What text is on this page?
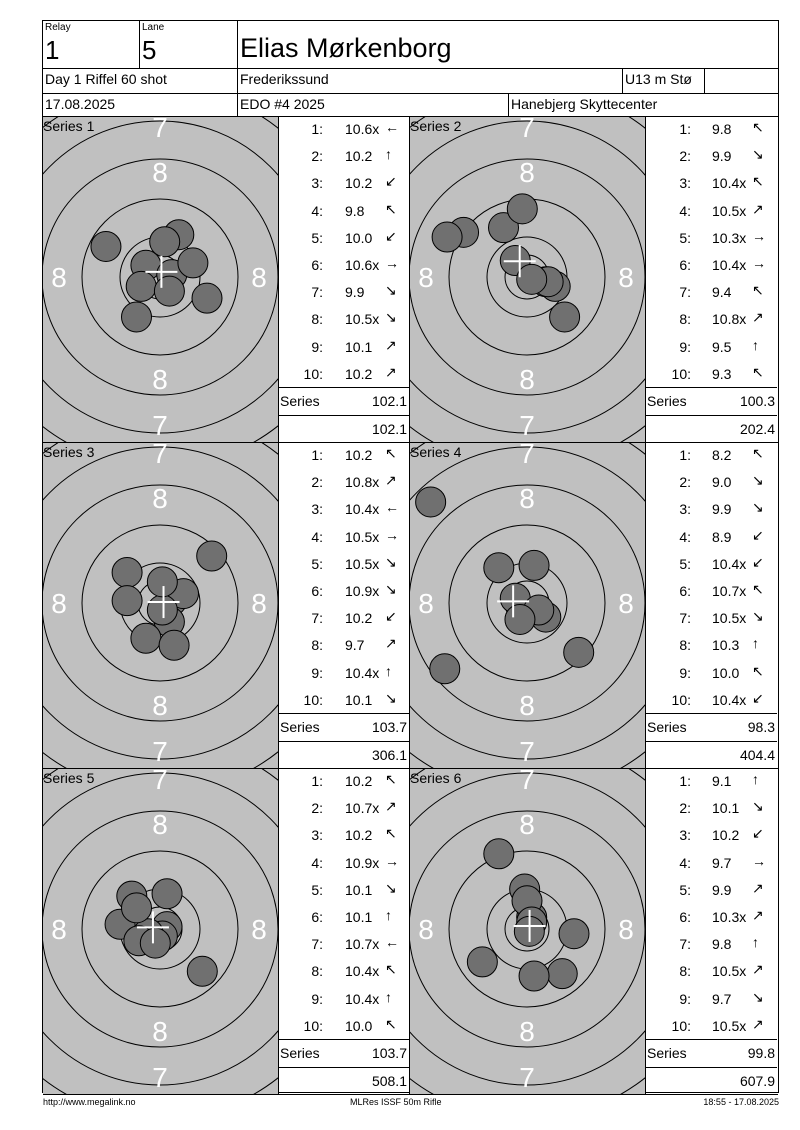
Relay
1
Lane
5	Elias Mørkenborg
Day 1 Riffel 60 shot	Frederikssund	U13 m Stø
17.08.2025	EDO #4 2025	Hanebjerg Skyttecenter
7
8
8
7
8	8
Series 1	1: 10.6x ←
2: 10.2 ↑
3: 10.2 ↙
4: 9.8 ↖
5: 10.0 ↙
6: 10.6x →
7: 9.9 ↘
8: 10.5x ↘
9: 10.1 ↗
10: 10.2 ↗
Series	102.1
102.1
7
8
8
7
8	8
Series 2	1: 9.8 ↖
2: 9.9 ↘
3: 10.4x ↖
4: 10.5x ↗
5: 10.3x →
6: 10.4x →
7: 9.4 ↖
8: 10.8x ↗
9: 9.5 ↑
10: 9.3 ↖
Series	100.3
202.4
7
8
8
7
8	8
Series 3	1: 10.2 ↖
2: 10.8x ↗
3: 10.4x ←
4: 10.5x →
5: 10.5x ↘
6: 10.9x ↘
7: 10.2 ↙
8: 9.7 ↗
9: 10.4x ↑
10: 10.1 ↘
Series	103.7
306.1
7
8
8
7
8	8
Series 4	1: 8.2 ↖
2: 9.0 ↘
3: 9.9 ↘
4: 8.9 ↙
5: 10.4x ↙
6: 10.7x ↖
7: 10.5x ↘
8: 10.3 ↑
9: 10.0 ↖
10: 10.4x ↙
Series	98.3
404.4
7
8
8
7
8	8
Series 5	1: 10.2 ↖
2: 10.7x ↗
3: 10.2 ↖
4: 10.9x →
5: 10.1 ↘
6: 10.1 ↑
7: 10.7x ←
8: 10.4x ↖
9: 10.4x ↑
10: 10.0 ↖
Series	103.7
508.1
7
8
8
7
8	8
Series 6	1: 9.1 ↑
2: 10.1 ↘
3: 10.2 ↙
4: 9.7 →
5: 9.9 ↗
6: 10.3x ↗
7: 9.8 ↑
8: 10.5x ↗
9: 9.7 ↘
10: 10.5x ↗
Series	99.8
607.9
http://www.megalink.no	MLRes ISSF 50m Rifle	18:55 - 17.08.2025
